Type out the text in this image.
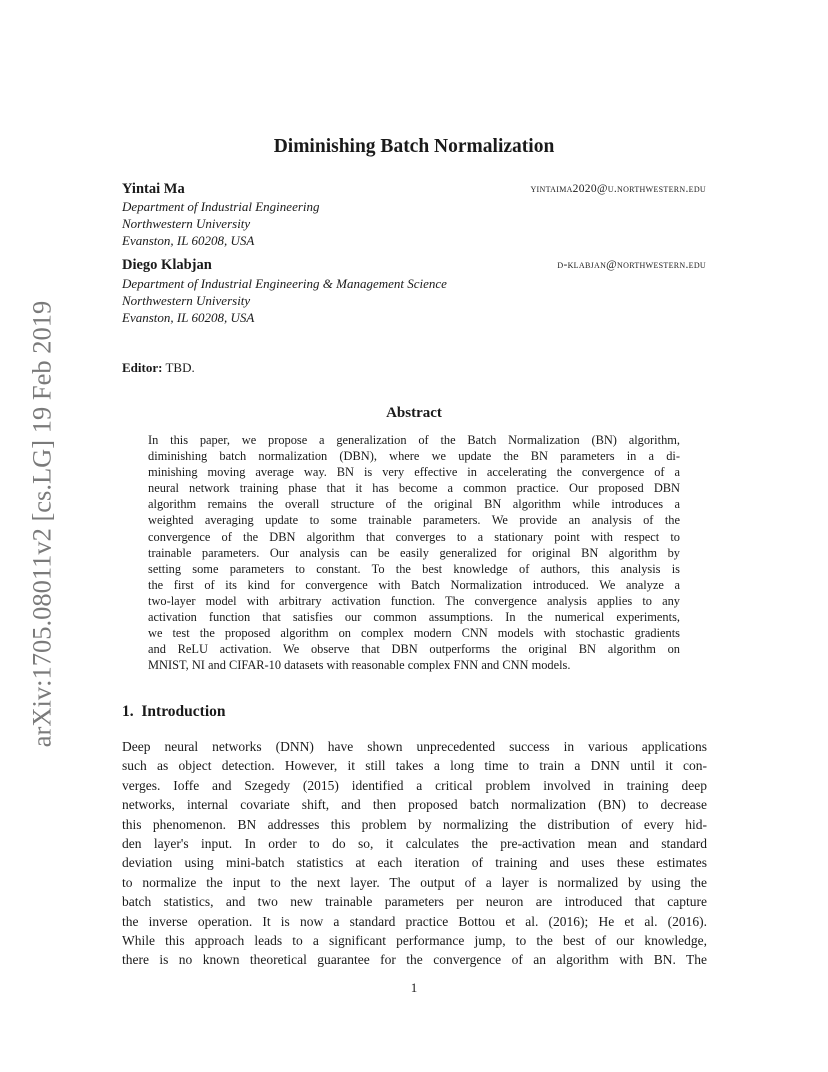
arXiv:1705.08011v2 [cs.LG] 19 Feb 2019
Diminishing Batch Normalization
Yintai Ma	yintaima2020@u.northwestern.edu
Department of Industrial Engineering
Northwestern University
Evanston, IL 60208, USA
Diego Klabjan	d-klabjan@northwestern.edu
Department of Industrial Engineering & Management Science
Northwestern University
Evanston, IL 60208, USA
Editor: TBD.
Abstract
In this paper, we propose a generalization of the Batch Normalization (BN) algorithm,
diminishing batch normalization (DBN), where we update the BN parameters in a di-
minishing moving average way. BN is very effective in accelerating the convergence of a
neural network training phase that it has become a common practice. Our proposed DBN
algorithm remains the overall structure of the original BN algorithm while introduces a
weighted averaging update to some trainable parameters. We provide an analysis of the
convergence of the DBN algorithm that converges to a stationary point with respect to
trainable parameters. Our analysis can be easily generalized for original BN algorithm by
setting some parameters to constant. To the best knowledge of authors, this analysis is
the first of its kind for convergence with Batch Normalization introduced. We analyze a
two-layer model with arbitrary activation function. The convergence analysis applies to any
activation function that satisfies our common assumptions. In the numerical experiments,
we test the proposed algorithm on complex modern CNN models with stochastic gradients
and ReLU activation. We observe that DBN outperforms the original BN algorithm on
MNIST, NI and CIFAR-10 datasets with reasonable complex FNN and CNN models.
1. Introduction
Deep neural networks (DNN) have shown unprecedented success in various applications
such as object detection. However, it still takes a long time to train a DNN until it con-
verges. Ioffe and Szegedy (2015) identified a critical problem involved in training deep
networks, internal covariate shift, and then proposed batch normalization (BN) to decrease
this phenomenon. BN addresses this problem by normalizing the distribution of every hid-
den layer's input. In order to do so, it calculates the pre-activation mean and standard
deviation using mini-batch statistics at each iteration of training and uses these estimates
to normalize the input to the next layer. The output of a layer is normalized by using the
batch statistics, and two new trainable parameters per neuron are introduced that capture
the inverse operation. It is now a standard practice Bottou et al. (2016); He et al. (2016).
While this approach leads to a significant performance jump, to the best of our knowledge,
there is no known theoretical guarantee for the convergence of an algorithm with BN. The
1
